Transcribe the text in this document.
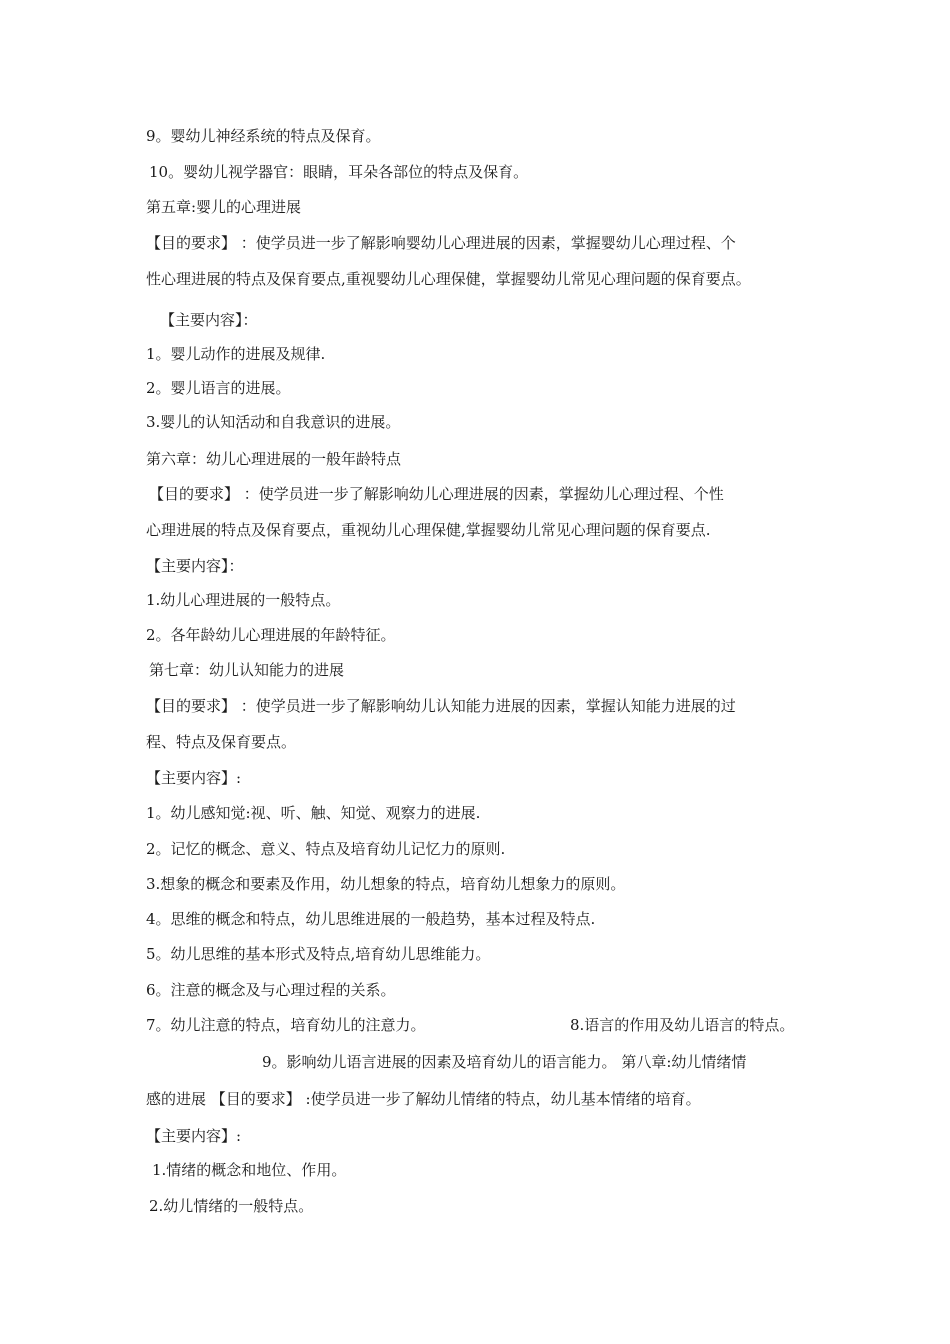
9。婴幼儿神经系统的特点及保育。
10。婴幼儿视学器官：眼睛，耳朵各部位的特点及保育。
第五章:婴儿的心理进展
【目的要求】 ：使学员进一步了解影响婴幼儿心理进展的因素，掌握婴幼儿心理过程、个
性心理进展的特点及保育要点,重视婴幼儿心理保健，掌握婴幼儿常见心理问题的保育要点。
【主要内容】：
1。婴儿动作的进展及规律.
2。婴儿语言的进展。
3.婴儿的认知活动和自我意识的进展。
第六章：幼儿心理进展的一般年龄特点
【目的要求】 ：使学员进一步了解影响幼儿心理进展的因素，掌握幼儿心理过程、个性
心理进展的特点及保育要点，重视幼儿心理保健,掌握婴幼儿常见心理问题的保育要点.
【主要内容】：
1.幼儿心理进展的一般特点。
2。各年龄幼儿心理进展的年龄特征。
第七章：幼儿认知能力的进展
【目的要求】 ：使学员进一步了解影响幼儿认知能力进展的因素，掌握认知能力进展的过
程、特点及保育要点。
【主要内容】:
1。幼儿感知觉:视、听、触、知觉、观察力的进展.
2。记忆的概念、意义、特点及培育幼儿记忆力的原则.
3.想象的概念和要素及作用，幼儿想象的特点，培育幼儿想象力的原则。
4。思维的概念和特点，幼儿思维进展的一般趋势，基本过程及特点.
5。幼儿思维的基本形式及特点,培育幼儿思维能力。
6。注意的概念及与心理过程的关系。
7。幼儿注意的特点，培育幼儿的注意力。	8.语言的作用及幼儿语言的特点。
9。影响幼儿语言进展的因素及培育幼儿的语言能力。 第八章:幼儿情绪情
感的进展 【目的要求】 :使学员进一步了解幼儿情绪的特点，幼儿基本情绪的培育。
【主要内容】:
1.情绪的概念和地位、作用。
2.幼儿情绪的一般特点。
